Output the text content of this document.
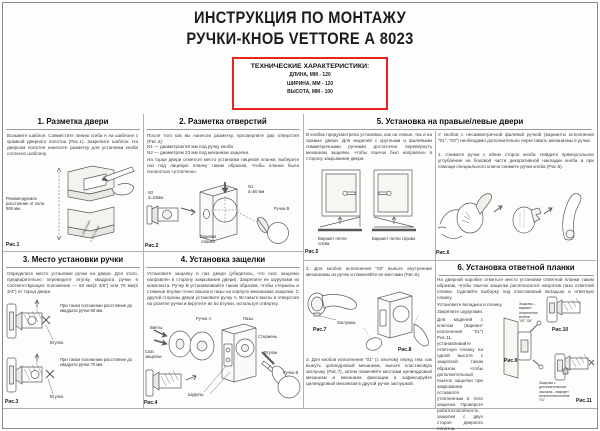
ИНСТРУКЦИЯ ПО МОНТАЖУ
РУЧКИ-КНОБ VETTORE А 8023
ТЕХНИЧЕСКИЕ ХАРАКТЕРИСТИКИ:
ДЛИНА, ММ - 120
ШИРИНА, ММ - 120
ВЫСОТА, ММ - 100
1. Разметка двери
Возьмите шаблон. Совместите линию сгиба А на шаблоне с кромкой дверного полотна (Рис.1). Закрепите шаблон. На дверном полотне нанесите разметку для установки кноба согласно шаблону.
Рекомендуемое расстояние от пола 965 мм.
2 3/8"(60мм)
2 3/4"(70мм)
Рис.1
2. Разметка отверстий
После того как вы нанесли разметку, просверлите два отверстия (Рис.2):
N1 — диаметром 50 мм под ручку кноба
N2 — диаметром 23 мм под механизм защелки.
На торце двери отметьте место установки лицевой планки, выберите паз под лицевую планку таким образом, чтобы планка была полностью «утоплена».
N2
d=23мм
N1
d=50 мм
Ручка В
Лицевая планка
Рис.2
5. Установка на правые/левые двери
В кнобах предусмотрена установка, как на левые, так и на правые двери. Для моделей с круглыми и фалевыми симметричными ручками достаточно перевернуть механизм защелки, чтобы язычок был направлен в сторону закрывания двери.
Вариант петли слева
Вариант петли справа
Рис.5
У кнобов с несимметричной фалевой ручкой (варианты исполнения "01", "03") необходимо дополнительно переставить механизмы в ручки.
1. Снимите ручки с обеих сторон кноба: Найдите прямоугольное углубление на боковой части декоративной накладки кноба и при помощи специального ключа снимите ручки кноба (Рис.6).
Рис.6
3. Место установки ручки
Определите место установки ручки на двери. Для этого, предварительно переведите втулку квадрата ручки в соответствующее положение — 60 мм(2 3/8") или 70 мм(2 3/4") от торца двери.
При таком положении расстояние до квадрата ручки 60 мм.
Втулка
При таком положении расстояние до квадрата ручки 70 мм.
Втулка
Рис.3
4. Установка защелки
Установите защелку в паз двери (убедитесь, что скос защелки направлен в сторону закрывания двери). Закрепите ее шурупами из комплекта. Ручку В устанавливайте таким образом, чтобы стержень и стяжные втулки точно вошли в пазы на корпусе механизма защелки. С другой стороны двери установите ручку А. Вставьте винты в отверстия на розетке ручки и вкрутите их во втулки, используя отвертку.
Винты
Ручка А	Пазы
Стержень
Скос защелки
Втулки
Ручка В
Шурупы
Рис.4
2. Для кнобов исполнения "03" выньте внутренние механизмы из ручек и поменяйте их местами (Рис.8).
Заглушка
Рис.7
Рис.8
3. Для кнобов исполнения "01" (с ключом) перед тем, как вынуть цилиндровый механизм, выньте пластиковую заглушку (Рис.7), затем поменяйте местами цилиндровый механизм и механизм фиксации и зафиксируйте цилиндровый механизм в другой ручке заглушкой.
6. Установка ответной планки
На дверной коробке отметьте место установки ответной планки таким образом, чтобы язычок защелки располагался напротив паза ответной планки. Сделайте выборку под пластиковый вкладыш и ответную планку.
Установите вкладыш и планку.
Закрепите шурупами.
Для моделей с ключом (вариант исполнения "01") Рис.11, устанавливайте ответную планку на одной высоте с защелкой таким образом, чтобы дополнительный язычок защелки при закрывании оставался утопленным в тело защелки. Проверьте работоспособность защелки с двух сторон дверного полотна.
Защелка – вариант исполнения кнобов "05","06"
Рис.10
Рис.9
Защелка с дополнительным язычком – вариант исполнения кнобов "01"	Рис.11
